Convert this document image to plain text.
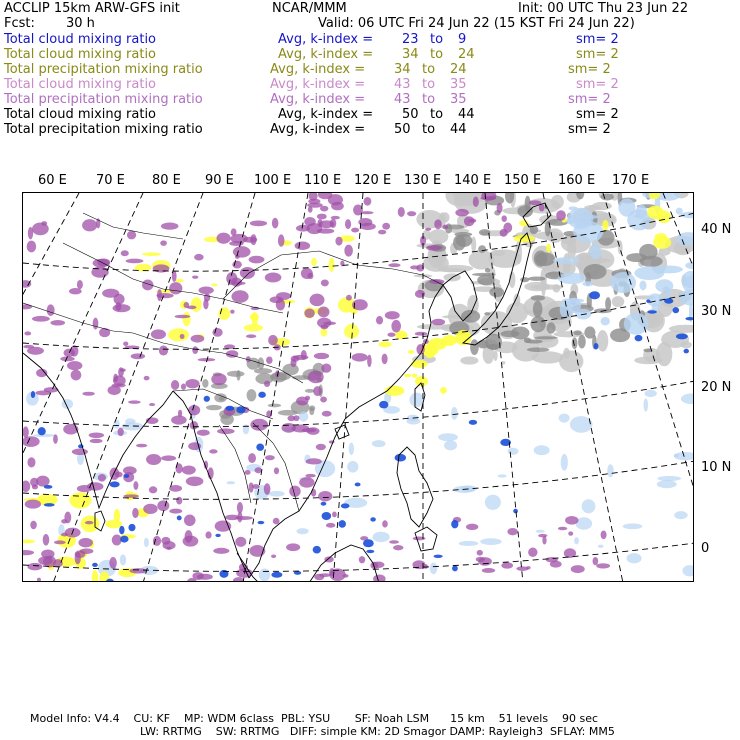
ACCLIP 15km ARW-GFS init	NCAR/MMM	Init: 00 UTC Thu 23 Jun 22
Fcst: 30 h	Valid: 06 UTC Fri 24 Jun 22 (15 KST Fri 24 Jun 22)
Total cloud mixing ratio	Avg, k-index = 23 to 9	sm= 2
Total cloud mixing ratio	Avg, k-index = 34 to 24	sm= 2
Total precipitation mixing ratio	Avg, k-index = 34 to 24	sm= 2
Total cloud mixing ratio	Avg, k-index = 43 to 35	sm= 2
Total precipitation mixing ratio	Avg, k-index = 43 to 35	sm= 2
Total cloud mixing ratio	Avg, k-index = 50 to 44	sm= 2
Total precipitation mixing ratio	Avg, k-index = 50 to 44	sm= 2
60 E 70 E 80 E 90 E 100 E 110 E 120 E 130 E 140 E 150 E 160 E 170 E
40 N
30 N
20 N
10 N
0
Model Info: V4.4    CU: KF    MP: WDM 6class  PBL: YSU       SF: Noah LSM      15 km    51 levels    90 sec
LW: RRTMG    SW: RRTMG   DIFF: simple KM: 2D Smagor DAMP: Rayleigh3  SFLAY: MM5
